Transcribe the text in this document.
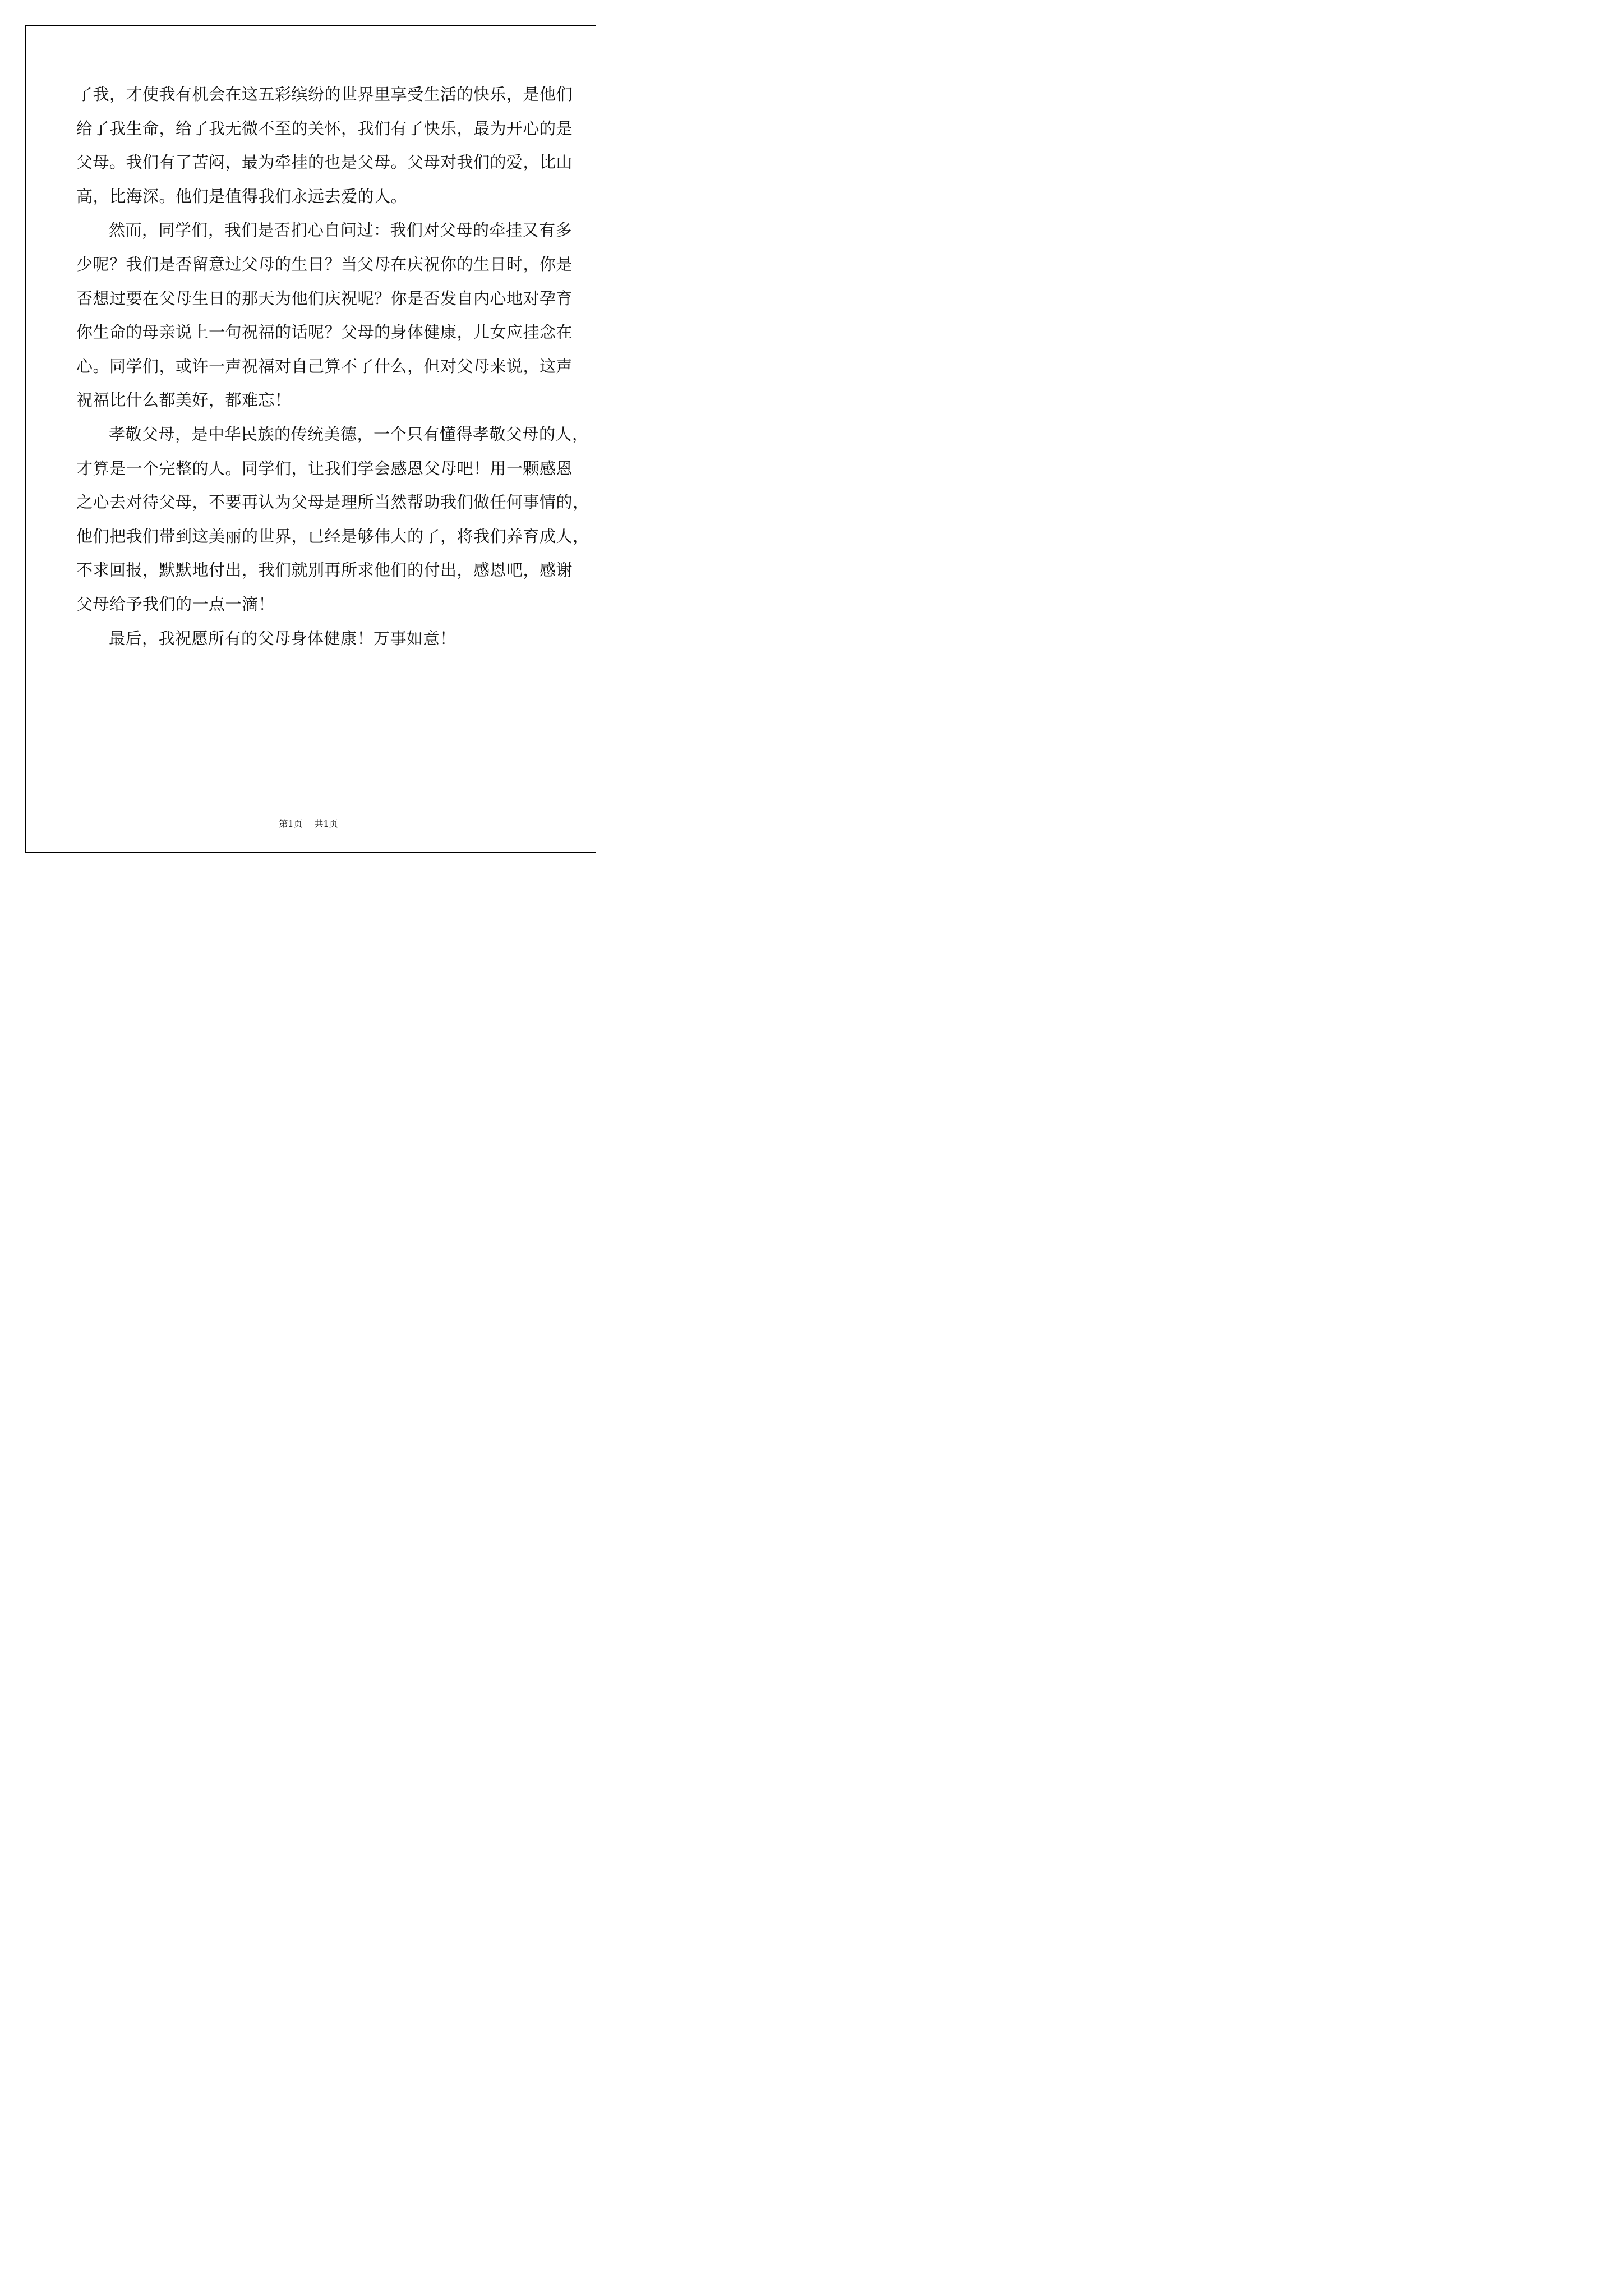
了我，才使我有机会在这五彩缤纷的世界里享受生活的快乐，是他们
给了我生命，给了我无微不至的关怀，我们有了快乐，最为开心的是
父母。我们有了苦闷，最为牵挂的也是父母。父母对我们的爱，比山
高，比海深。他们是值得我们永远去爱的人。
然而，同学们，我们是否扪心自问过：我们对父母的牵挂又有多
少呢？我们是否留意过父母的生日？当父母在庆祝你的生日时，你是
否想过要在父母生日的那天为他们庆祝呢？你是否发自内心地对孕育
你生命的母亲说上一句祝福的话呢？父母的身体健康，儿女应挂念在
心。同学们，或许一声祝福对自己算不了什么，但对父母来说，这声
祝福比什么都美好，都难忘！
孝敬父母，是中华民族的传统美德，一个只有懂得孝敬父母的人，
才算是一个完整的人。同学们，让我们学会感恩父母吧！用一颗感恩
之心去对待父母，不要再认为父母是理所当然帮助我们做任何事情的，
他们把我们带到这美丽的世界，已经是够伟大的了，将我们养育成人，
不求回报，默默地付出，我们就别再所求他们的付出，感恩吧，感谢
父母给予我们的一点一滴！
最后，我祝愿所有的父母身体健康！万事如意！
第1页 共1页
